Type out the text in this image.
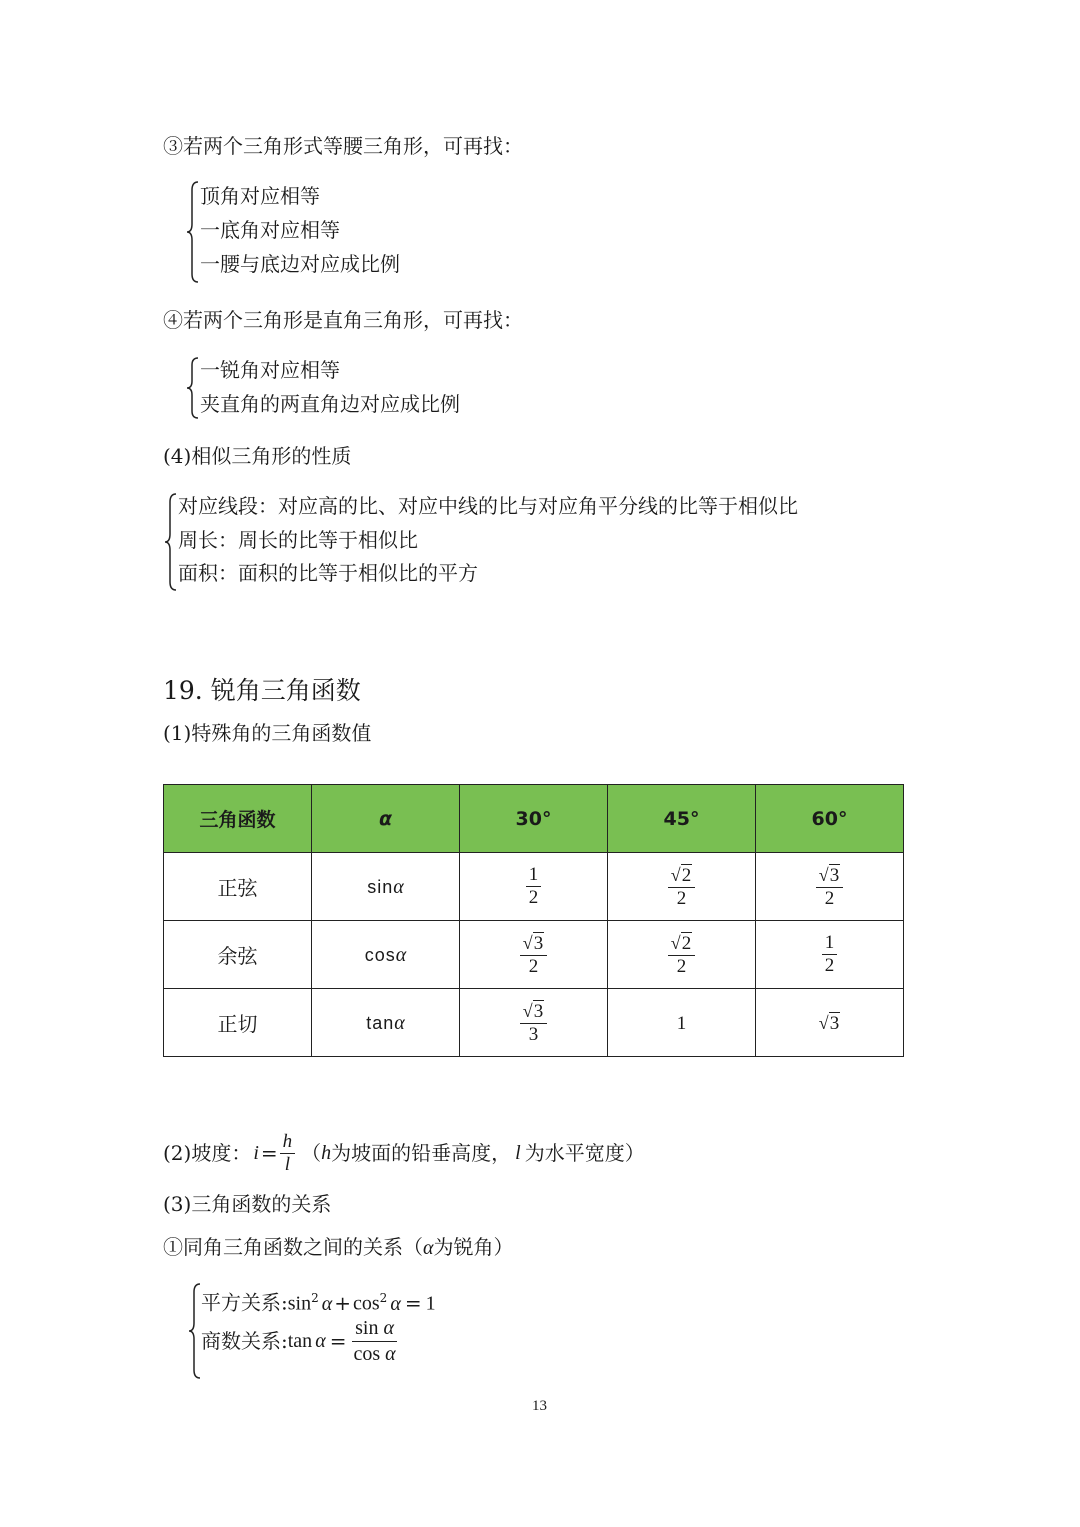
③若两个三角形式等腰三角形，可再找：
顶角对应相等
一底角对应相等
一腰与底边对应成比例
④若两个三角形是直角三角形，可再找：
一锐角对应相等
夹直角的两直角边对应成比例
(4)相似三角形的性质
对应线段：对应高的比、对应中线的比与对应角平分线的比等于相似比
周长：周长的比等于相似比
面积：面积的比等于相似比的平方
19. 锐角三角函数
(1)特殊角的三角函数值
三角函数	α	30°	45°	60°
正弦	sinα	$\frac{1}{2}$	$\frac{√2}{2}$	$\frac{√3}{2}$

余弦	cosα	$\frac{√3}{2}$	$\frac{√2}{2}$	$\frac{1}{2}$

正切	tanα	$\frac{√3}{3}$	1	√3
(2)坡度： $i = \frac{h}{l}$ （ h 为坡面的铅垂高度， l 为水平宽度）
(3)三角函数的关系
①同角三角函数之间的关系（α为锐角）
平方关系$:\sin^2$ $\alpha + \cos^2 \alpha = 1$
商数关系: $\tan \alpha = \frac{\text{sin α}}{\text{cos α}}$
13
